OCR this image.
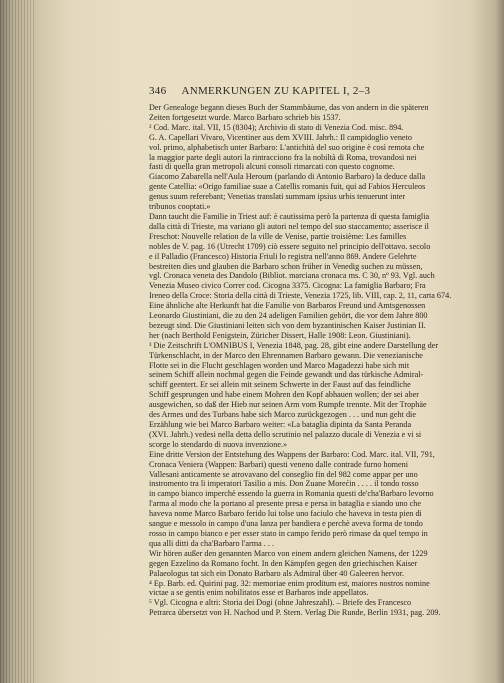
346 ANMERKUNGEN ZU KAPITEL I, 2–3

Der Genealoge begann dieses Buch der Stammbäume, das von andern in die späteren

Zeiten fortgesetzt wurde. Marco Barbaro schrieb bis 1537.

² Cod. Marc. ital. VII, 15 (8304); Archivio di stato di Venezia Cod. misc. 894.

G. A. Capellari Vivaro, Vicentiner aus dem XVIII. Jahrh.: Il campidoglio veneto

vol. primo, alphabetisch unter Barbaro: L'antichità del suo origine è così remota che

la maggior parte degli autori la rintracciono fra la nobiltà di Roma, trovandosi nei

fasti di quella gran metropoli alcuni consoli rimarcati con questo cognome.

Giacomo Zabarella nell'Aula Heroum (parlando di Antonio Barbaro) la deduce dalla

gente Catellia: «Origo familiae suae a Catellis romanis fuit, qui ad Fabios Herculeos

genus suum referebant; Venetias translati summam ipsius urbis tenuerunt inter

tribunos cooptati.»

Dann taucht die Familie in Triest auf: è cautissima però la partenza di questa famiglia

dalla città di Trieste, ma variano gli autori nel tempo del suo staccamento; asserisce il

Freschot: Nouvelle relation de la ville de Venise, partie troisième: Les familles

nobles de V. pag. 16 (Utrecht 1709) ciò essere seguito nel principio dell'ottavo. secolo

e il Palladio (Francesco) Historia Friuli lo registra nell'anno 869. Andere Gelehrte

bestreiten dies und glauben die Barbaro schon früher in Venedig suchen zu müssen,

vgl. Cronaca veneta des Dandolo (Bibliot. marciana cronaca ms. C 30, nº 93. Vgl. auch

Venezia Museo civico Correr cod. Cicogna 3375. Cicogna: La famiglia Barbaro; Fra

Ireneo della Croce: Storia della città di Trieste, Venezia 1725, lib. VIII, cap. 2, 11, carta 674.

Eine ähnliche alte Herkunft hat die Familie von Barbaros Freund und Amtsgenossen

Leonardo Giustiniani, die zu den 24 adeligen Familien gehört, die vor dem Jahre 800

bezeugt sind. Die Giustiniani leiten sich von dem byzantinischen Kaiser Justinian II.

her (nach Berthold Fenigstein, Züricher Dissert, Halle 1908: Leon. Giustiniani).

³ Die Zeitschrift L'OMNIBUS I, Venezia 1848, pag. 28, gibt eine andere Darstellung der

Türkenschlacht, in der Marco den Ehrennamen Barbaro gewann. Die venezianische

Flotte sei in die Flucht geschlagen worden und Marco Magadezzi habe sich mit

seinem Schiff allein nochmal gegen die Feinde gewandt und das türkische Admiral-

schiff geentert. Er sei allein mit seinem Schwerte in der Faust auf das feindliche

Schiff gesprungen und habe einem Mohren den Kopf abhauen wollen; der sei aber

ausgewichen, so daß der Hieb nur seinen Arm vom Rumpfe trennte. Mit der Trophäe

des Armes und des Turbans habe sich Marco zurückgezogen . . . und nun geht die

Erzählung wie bei Marco Barbaro weiter: «La bataglia dipinta da Santa Peranda

(XVI. Jahrh.) vedesi nella detta dello scrutinio nel palazzo ducale di Venezia e vi si

scorge lo stendardo di nuova invenzione.»

Eine dritte Version der Entstehung des Wappens der Barbaro: Cod. Marc. ital. VII, 791,

Cronaca Veniera (Wappen: Barbari) questi veneno dalle contrade furno homeni

Vallesani anticamente se atrovavano del conseglio fin del 982 come appar per uno

instromento tra li imperatori Tasilio a mis. Don Zuane Morećin . . . . il tondo rosso

in campo bianco imperchè essendo la guerra in Romania questi de'cha'Barbaro levorno

l'arma al modo che la portano al presente presa e persa in bataglia e siando uno che

haveva nome Marco Barbaro ferido lui tolse uno faciulo che haveva in testa pien di

sangue e messolo in campo d'una lanza per bandiera e perchè aveva forma de tondo

rosso in campo bianco e per esser stato in campo ferido però rimase da quel tempo in

qua alli ditti da cha'Barbaro l'arma . . .

Wir hören außer den genannten Marco von einem andern gleichen Namens, der 1229

gegen Ezzelino da Romano focht. In den Kämpfen gegen den griechischen Kaiser

Palaeologus tat sich ein Donato Barbaro als Admiral über 40 Galeeren hervor.

⁴ Ep. Barb. ed. Quirini pag. 32: memoriae enim proditum est, maiores nostros nomine

victae a se gentis enim nobilitatos esse et Barbaros inde appellatos.

⁵ Vgl. Cicogna e altri: Storia dei Dogi (ohne Jahreszahl). – Briefe des Francesco

Petrarca übersetzt von H. Nachod und P. Stern. Verlag Die Runde, Berlin 1931, pag. 209.
